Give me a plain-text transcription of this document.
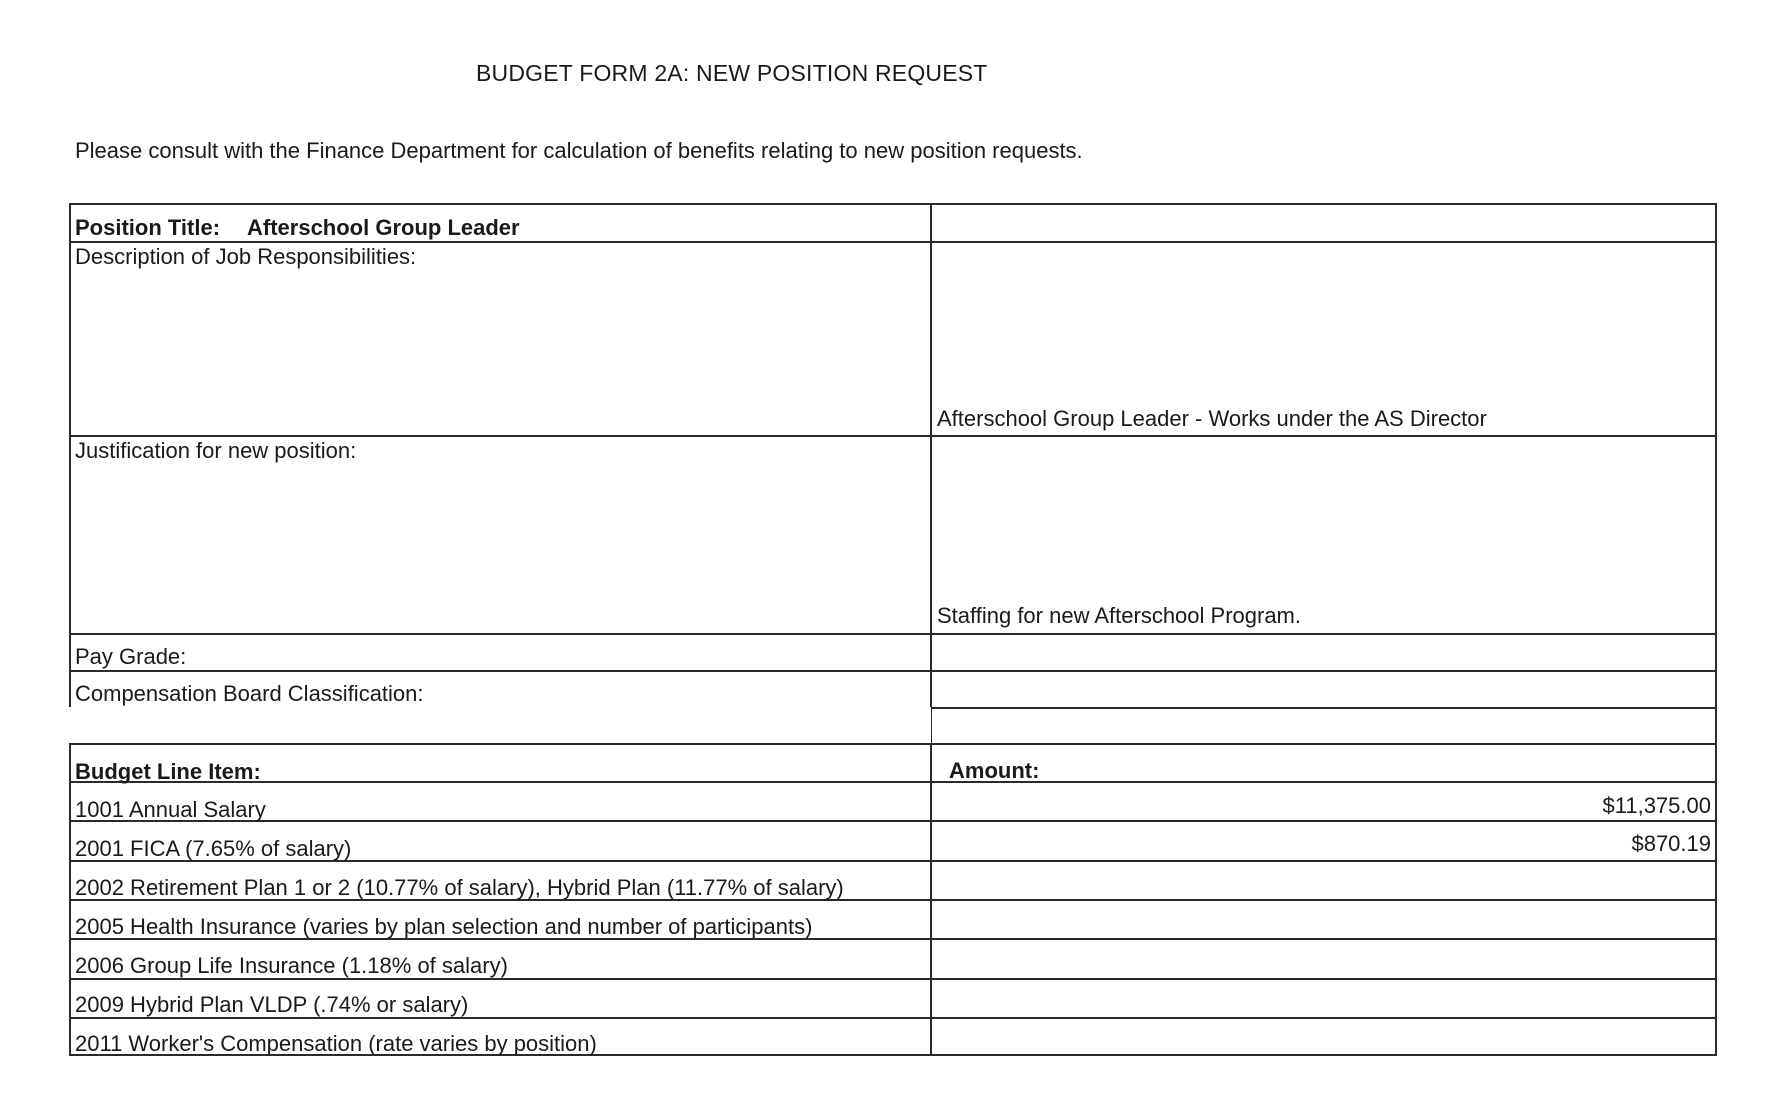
BUDGET FORM 2A: NEW POSITION REQUEST
Please consult with the Finance Department for calculation of benefits relating to new position requests.
Position Title: Afterschool Group Leader
Description of Job Responsibilities:
Afterschool Group Leader - Works under the AS Director
Justification for new position:
Staffing for new Afterschool Program.
Pay Grade:
Compensation Board Classification:
Budget Line Item:	Amount:
1001 Annual Salary	$11,375.00
2001 FICA (7.65% of salary)	$870.19
2002 Retirement Plan 1 or 2 (10.77% of salary), Hybrid Plan (11.77% of salary)
2005 Health Insurance (varies by plan selection and number of participants)
2006 Group Life Insurance (1.18% of salary)
2009 Hybrid Plan VLDP (.74% or salary)
2011 Worker's Compensation (rate varies by position)
